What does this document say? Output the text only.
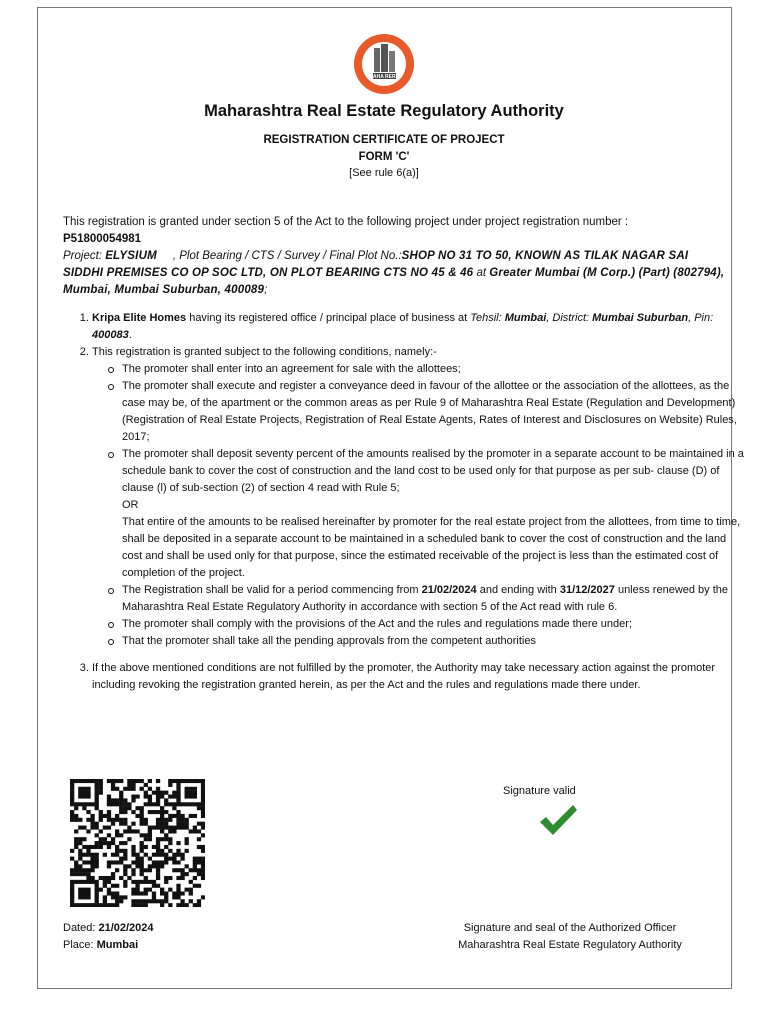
MAHA RERA
Maharashtra Real Estate Regulatory Authority
REGISTRATION CERTIFICATE OF PROJECT
FORM 'C'
[See rule 6(a)]
This registration is granted under section 5 of the Act to the following project under project registration number :
P51800054981
Project: ELYSIUM     , Plot Bearing / CTS / Survey / Final Plot No.:SHOP NO 31 TO 50, KNOWN AS TILAK NAGAR SAI SIDDHI PREMISES CO OP SOC LTD, ON PLOT BEARING CTS NO 45 & 46 at Greater Mumbai (M Corp.) (Part) (802794), Mumbai, Mumbai Suburban, 400089;
1. Kripa Elite Homes having its registered office / principal place of business at Tehsil: Mumbai, District: Mumbai Suburban, Pin: 400083.
2. This registration is granted subject to the following conditions, namely:-
The promoter shall enter into an agreement for sale with the allottees;
The promoter shall execute and register a conveyance deed in favour of the allottee or the association of the allottees, as the case may be, of the apartment or the common areas as per Rule 9 of Maharashtra Real Estate (Regulation and Development) (Registration of Real Estate Projects, Registration of Real Estate Agents, Rates of Interest and Disclosures on Website) Rules, 2017;
The promoter shall deposit seventy percent of the amounts realised by the promoter in a separate account to be maintained in a schedule bank to cover the cost of construction and the land cost to be used only for that purpose as per sub- clause (D) of clause (l) of sub-section (2) of section 4 read with Rule 5;
OR
That entire of the amounts to be realised hereinafter by promoter for the real estate project from the allottees, from time to time, shall be deposited in a separate account to be maintained in a scheduled bank to cover the cost of construction and the land cost and shall be used only for that purpose, since the estimated receivable of the project is less than the estimated cost of completion of the project.
The Registration shall be valid for a period commencing from 21/02/2024 and ending with 31/12/2027 unless renewed by the Maharashtra Real Estate Regulatory Authority in accordance with section 5 of the Act read with rule 6.
The promoter shall comply with the provisions of the Act and the rules and regulations made there under;
That the promoter shall take all the pending approvals from the competent authorities
3. If the above mentioned conditions are not fulfilled by the promoter, the Authority may take necessary action against the promoter including revoking the registration granted herein, as per the Act and the rules and regulations made there under.
Signature valid
Dated: 21/02/2024
Place: Mumbai
Signature and seal of the Authorized Officer
Maharashtra Real Estate Regulatory Authority
